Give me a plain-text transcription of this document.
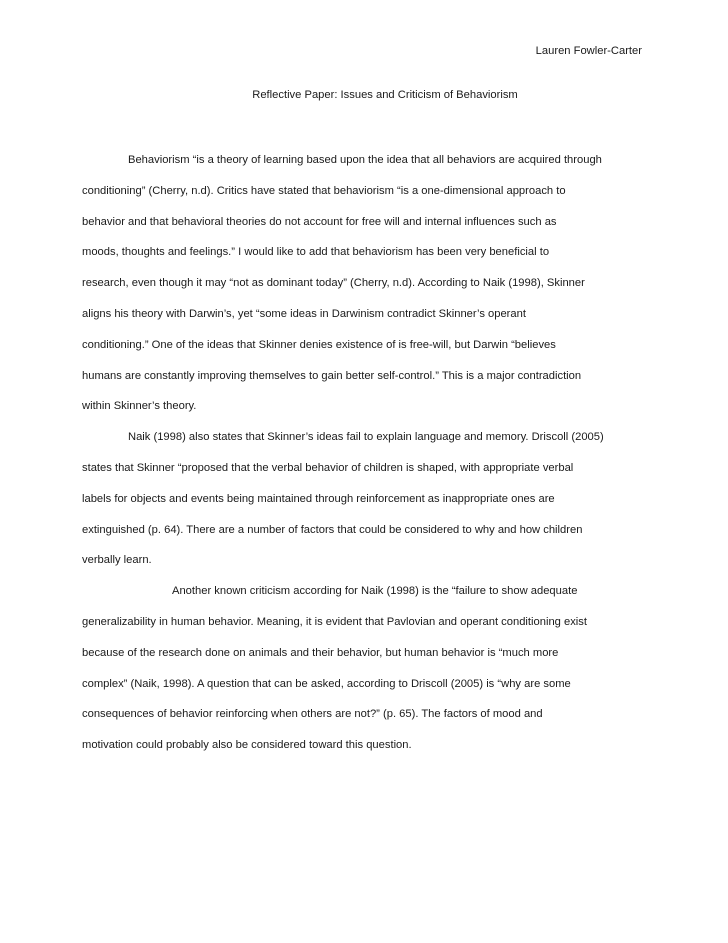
Lauren Fowler-Carter
Reflective Paper: Issues and Criticism of Behaviorism
Behaviorism “is a theory of learning based upon the idea that all behaviors are acquired through
conditioning” (Cherry, n.d). Critics have stated that behaviorism “is a one-dimensional approach to
behavior and that behavioral theories do not account for free will and internal influences such as
moods, thoughts and feelings.” I would like to add that behaviorism has been very beneficial to
research, even though it may “not as dominant today” (Cherry, n.d). According to Naik (1998), Skinner
aligns his theory with Darwin’s, yet “some ideas in Darwinism contradict Skinner’s operant
conditioning.” One of the ideas that Skinner denies existence of is free-will, but Darwin “believes
humans are constantly improving themselves to gain better self-control.” This is a major contradiction
within Skinner’s theory.
Naik (1998) also states that Skinner’s ideas fail to explain language and memory. Driscoll (2005)
states that Skinner “proposed that the verbal behavior of children is shaped, with appropriate verbal
labels for objects and events being maintained through reinforcement as inappropriate ones are
extinguished (p. 64). There are a number of factors that could be considered to why and how children
verbally learn.
Another known criticism according for Naik (1998) is the “failure to show adequate
generalizability in human behavior. Meaning, it is evident that Pavlovian and operant conditioning exist
because of the research done on animals and their behavior, but human behavior is “much more
complex” (Naik, 1998). A question that can be asked, according to Driscoll (2005) is “why are some
consequences of behavior reinforcing when others are not?” (p. 65). The factors of mood and
motivation could probably also be considered toward this question.
